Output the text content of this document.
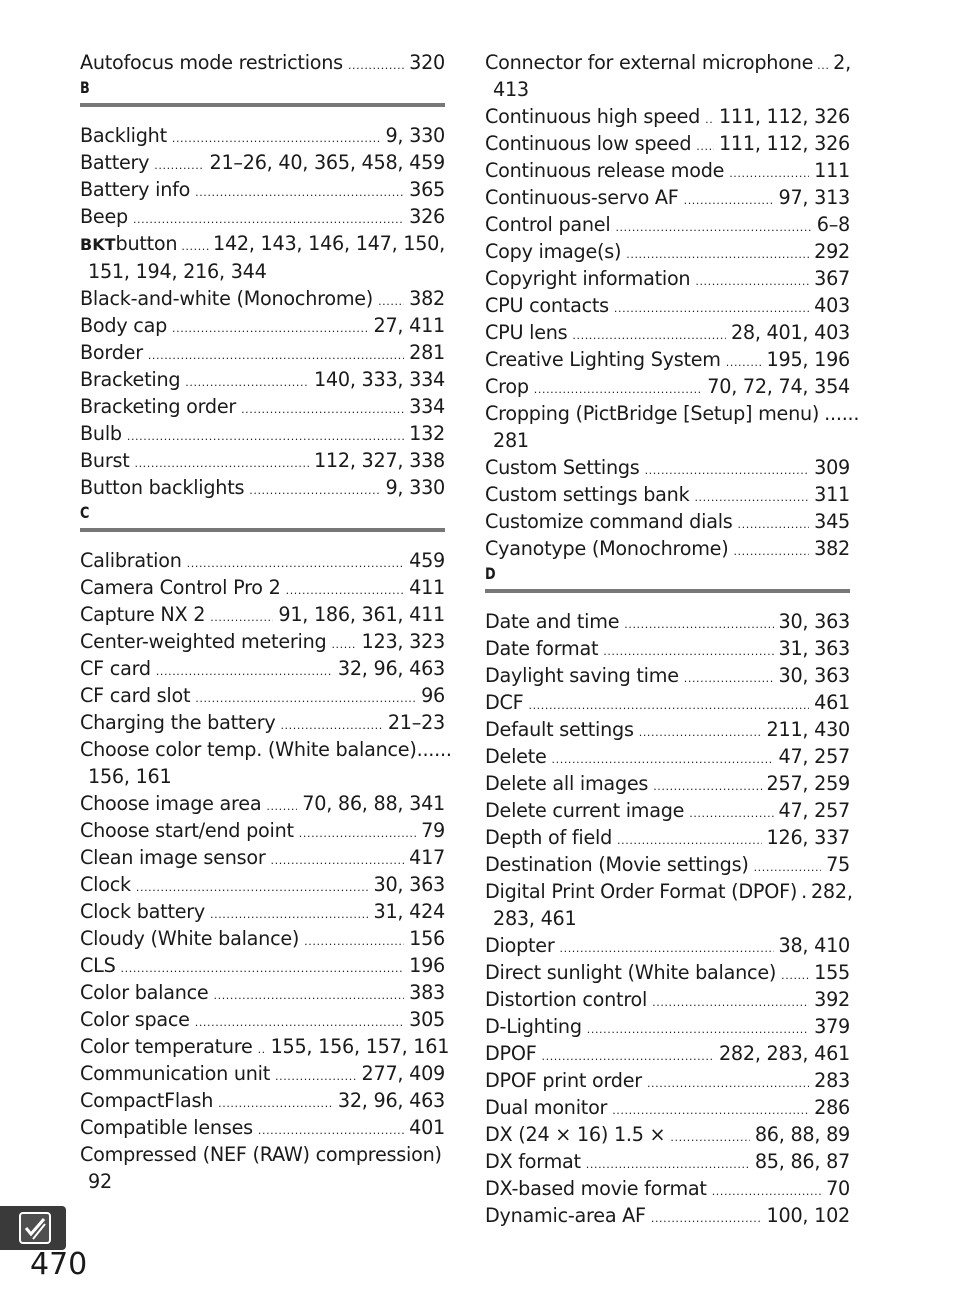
Autofocus mode restrictions .....	320
B
Backlight .....	9, 330
Battery .....	21–26, 40, 365, 458, 459
Battery info .....	365
Beep .....	326
BKT button ..... 142, 143, 146, 147, 150,
151, 194, 216, 344
Black-and-white (Monochrome) ..... 382
Body cap .....	27, 411
Border .....	281
Bracketing .....	140, 333, 334
Bracketing order .....	334
Bulb .....	132
Burst .....	112, 327, 338
Button backlights .....	9, 330
C
Calibration .....	459
Camera Control Pro 2 .....	411
Capture NX 2 .....	91, 186, 361, 411
Center-weighted metering ..... 123, 323
CF card .....	32, 96, 463
CF card slot .....	96
Charging the battery .....	21–23
Choose color temp. (White balance) ......
156, 161
Choose image area ..... 70, 86, 88, 341
Choose start/end point .....	79
Clean image sensor .....	417
Clock .....	30, 363
Clock battery .....	31, 424
Cloudy (White balance) .....	156
CLS .....	196
Color balance .....	383
Color space .....	305
Color temperature ..... 155, 156, 157, 161
Communication unit .....	277, 409
CompactFlash .....	32, 96, 463
Compatible lenses .....	401
Compressed (NEF (RAW) compression)
92
Connector for external microphone ..... 2,
413
Continuous high speed ..... 111, 112, 326
Continuous low speed ..... 111, 112, 326
Continuous release mode .....	111
Continuous-servo AF .....	97, 313
Control panel .....	6–8
Copy image(s) .....	292
Copyright information .....	367
CPU contacts .....	403
CPU lens .....	28, 401, 403
Creative Lighting System ..... 195, 196
Crop .....	70, 72, 74, 354
Cropping (PictBridge [Setup] menu) ......
281
Custom Settings .....	309
Custom settings bank .....	311
Customize command dials .....	345
Cyanotype (Monochrome) .....	382
D
Date and time .....	30, 363
Date format .....	31, 363
Daylight saving time .....	30, 363
DCF .....	461
Default settings .....	211, 430
Delete .....	47, 257
Delete all images .....	257, 259
Delete current image .....	47, 257
Depth of field .....	126, 337
Destination (Movie settings) .....	75
Digital Print Order Format (DPOF) . 282,
283, 461
Diopter .....	38, 410
Direct sunlight (White balance) ..... 155
Distortion control .....	392
D-Lighting .....	379
DPOF .....	282, 283, 461
DPOF print order .....	283
Dual monitor .....	286
DX (24 × 16) 1.5 × .....	86, 88, 89
DX format .....	85, 86, 87
DX-based movie format .....	70
Dynamic-area AF .....	100, 102
470
